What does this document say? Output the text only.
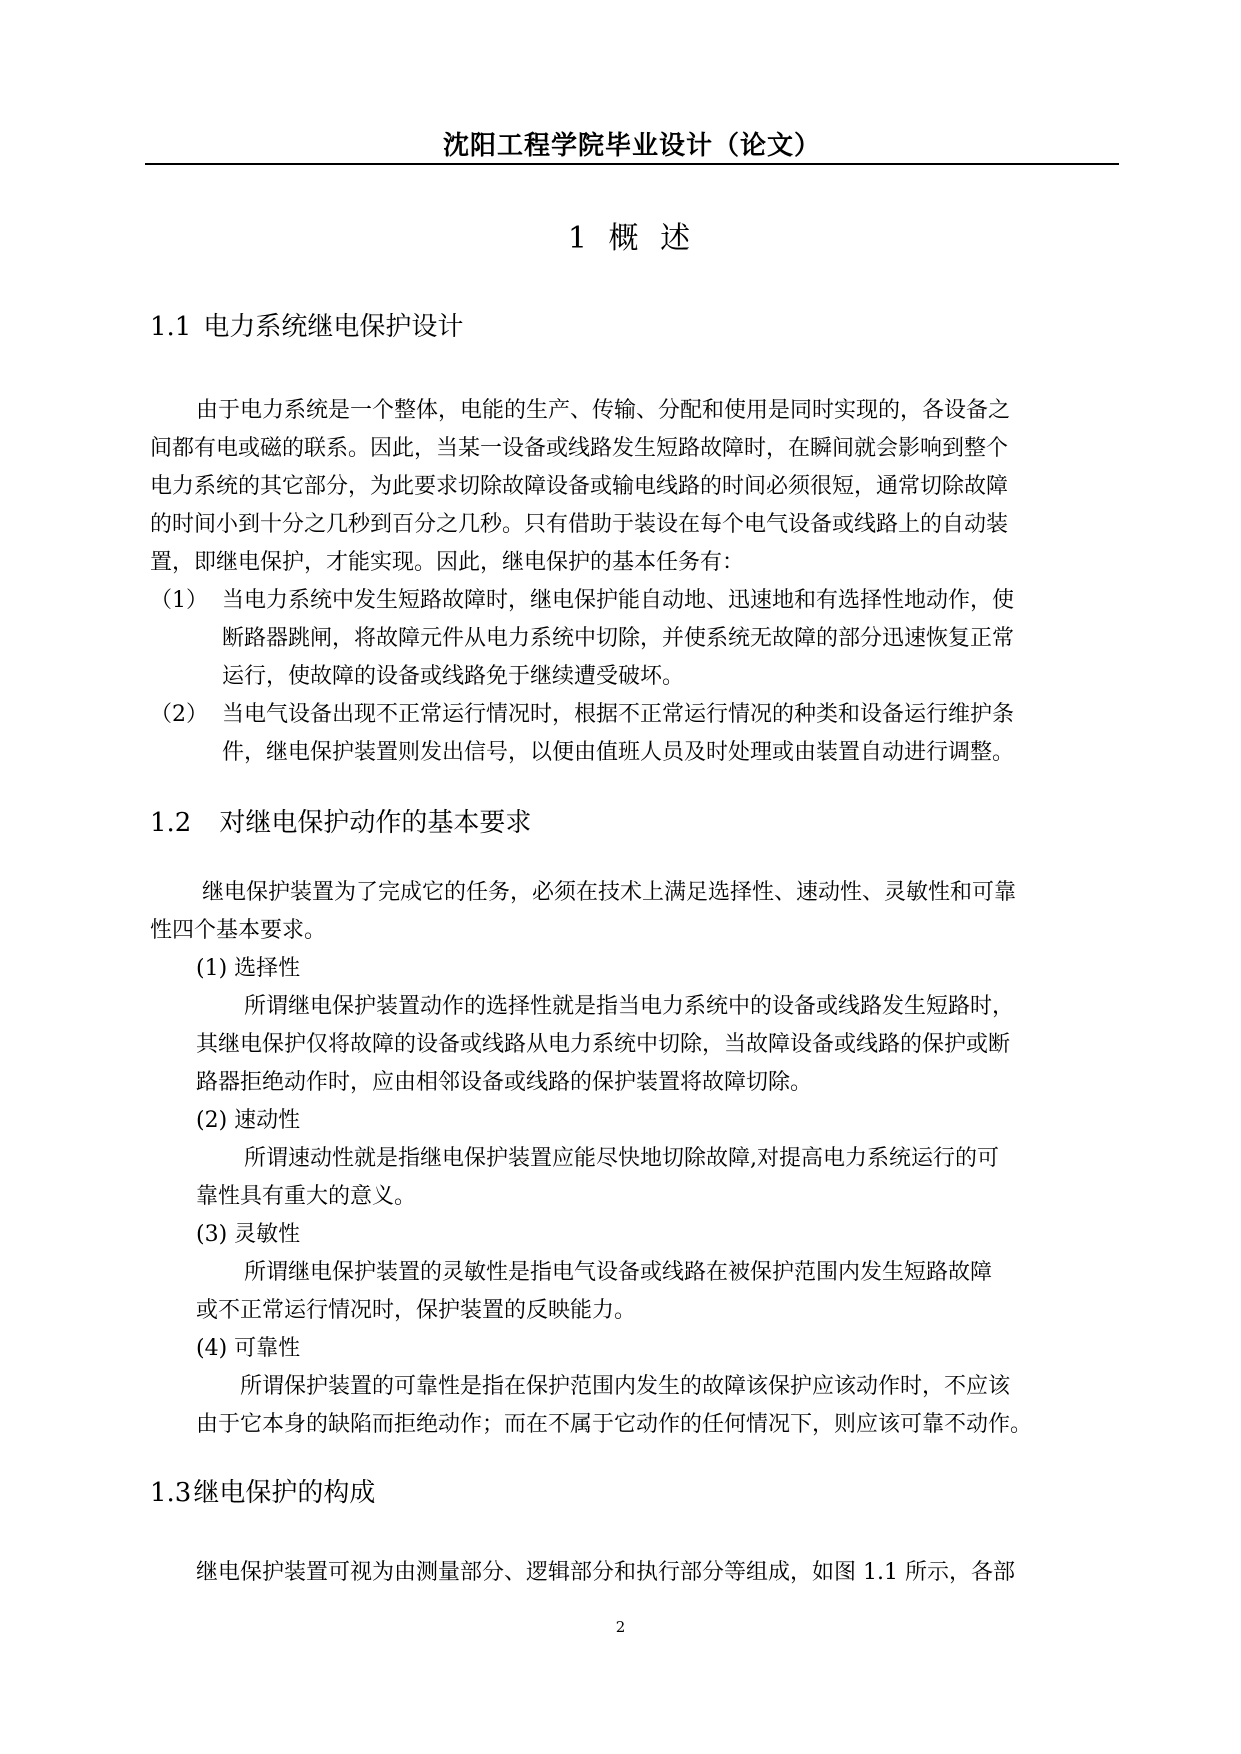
沈阳工程学院毕业设计（论文）
1 概 述
1.1 电力系统继电保护设计
由于电力系统是一个整体，电能的生产、传输、分配和使用是同时实现的，各设备之
间都有电或磁的联系。因此，当某一设备或线路发生短路故障时，在瞬间就会影响到整个
电力系统的其它部分，为此要求切除故障设备或输电线路的时间必须很短，通常切除故障
的时间小到十分之几秒到百分之几秒。只有借助于装设在每个电气设备或线路上的自动装
置，即继电保护，才能实现。因此，继电保护的基本任务有：
（1） 当电力系统中发生短路故障时，继电保护能自动地、迅速地和有选择性地动作，使
断路器跳闸，将故障元件从电力系统中切除，并使系统无故障的部分迅速恢复正常
运行，使故障的设备或线路免于继续遭受破坏。
（2） 当电气设备出现不正常运行情况时，根据不正常运行情况的种类和设备运行维护条
件，继电保护装置则发出信号，以便由值班人员及时处理或由装置自动进行调整。
1.2 对继电保护动作的基本要求
继电保护装置为了完成它的任务，必须在技术上满足选择性、速动性、灵敏性和可靠
性四个基本要求。
(1) 选择性
所谓继电保护装置动作的选择性就是指当电力系统中的设备或线路发生短路时，
其继电保护仅将故障的设备或线路从电力系统中切除，当故障设备或线路的保护或断
路器拒绝动作时，应由相邻设备或线路的保护装置将故障切除。
(2) 速动性
所谓速动性就是指继电保护装置应能尽快地切除故障,对提高电力系统运行的可
靠性具有重大的意义。
(3) 灵敏性
所谓继电保护装置的灵敏性是指电气设备或线路在被保护范围内发生短路故障
或不正常运行情况时，保护装置的反映能力。
(4) 可靠性
所谓保护装置的可靠性是指在保护范围内发生的故障该保护应该动作时，不应该
由于它本身的缺陷而拒绝动作；而在不属于它动作的任何情况下，则应该可靠不动作。
1.3继电保护的构成
继电保护装置可视为由测量部分、逻辑部分和执行部分等组成，如图 1.1 所示，各部
2
